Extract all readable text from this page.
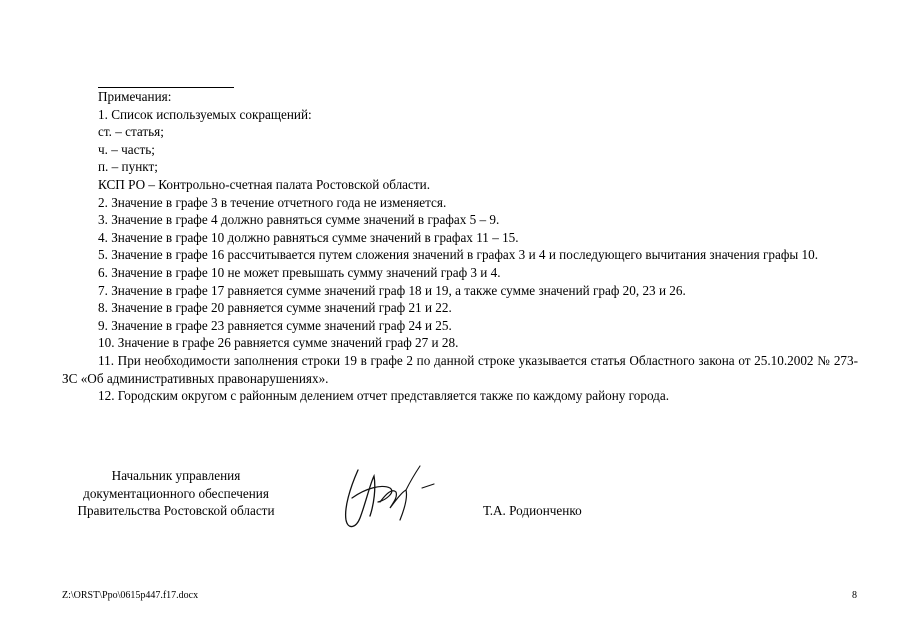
Примечания:
1. Список используемых сокращений:
ст. – статья;
ч. – часть;
п. – пункт;
КСП РО – Контрольно-счетная палата Ростовской области.
2. Значение в графе 3 в течение отчетного года не изменяется.
3. Значение в графе 4 должно равняться сумме значений в графах 5 – 9.
4. Значение в графе 10 должно равняться сумме значений в графах 11 – 15.
5. Значение в графе 16 рассчитывается путем сложения значений в графах 3 и 4 и последующего вычитания значения графы 10.
6. Значение в графе 10 не может превышать сумму значений граф 3 и 4.
7. Значение в графе 17 равняется сумме значений граф 18 и 19, а также сумме значений граф 20, 23 и 26.
8. Значение в графе 20 равняется сумме значений граф 21 и 22.
9. Значение в графе 23 равняется сумме значений граф 24 и 25.
10. Значение в графе 26 равняется сумме значений граф 27 и 28.
11. При необходимости заполнения строки 19 в графе 2 по данной строке указывается статья Областного закона от 25.10.2002 № 273-ЗС «Об административных правонарушениях».
12. Городским округом с районным делением отчет представляется также по каждому району города.
Начальник управления
документационного обеспечения
Правительства Ростовской области	Т.А. Родионченко
Z:\ORST\Ppo\0615p447.f17.docx	8
